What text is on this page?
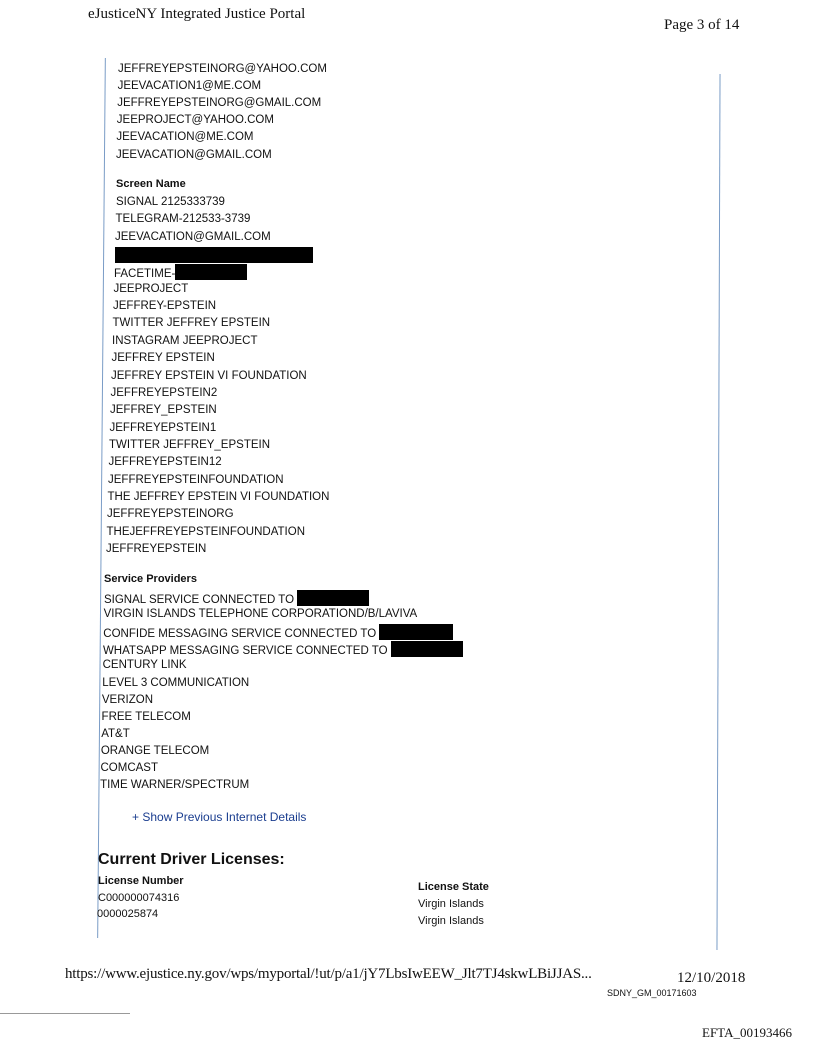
eJusticeNY Integrated Justice Portal
Page 3 of 14
JEFFREYEPSTEINORG@YAHOO.COM
JEEVACATION1@ME.COM
JEFFREYEPSTEINORG@GMAIL.COM
JEEPROJECT@YAHOO.COM
JEEVACATION@ME.COM
JEEVACATION@GMAIL.COM
Screen Name
SIGNAL 2125333739
TELEGRAM-212533-3739
JEEVACATION@GMAIL.COM
FACETIME-
JEEPROJECT
JEFFREY-EPSTEIN
TWITTER JEFFREY EPSTEIN
INSTAGRAM JEEPROJECT
JEFFREY EPSTEIN
JEFFREY EPSTEIN VI FOUNDATION
JEFFREYEPSTEIN2
JEFFREY_EPSTEIN
JEFFREYEPSTEIN1
TWITTER JEFFREY_EPSTEIN
JEFFREYEPSTEIN12
JEFFREYEPSTEINFOUNDATION
THE JEFFREY EPSTEIN VI FOUNDATION
JEFFREYEPSTEINORG
THEJEFFREYEPSTEINFOUNDATION
JEFFREYEPSTEIN
Service Providers
SIGNAL SERVICE CONNECTED TO
VIRGIN ISLANDS TELEPHONE CORPORATIOND/B/LAVIVA
CONFIDE MESSAGING SERVICE CONNECTED TO
WHATSAPP MESSAGING SERVICE CONNECTED TO
CENTURY LINK
LEVEL 3 COMMUNICATION
VERIZON
FREE TELECOM
AT&T
ORANGE TELECOM
COMCAST
TIME WARNER/SPECTRUM
+ Show Previous Internet Details
Current Driver Licenses:
License Number
C000000074316
0000025874
License State
Virgin Islands
Virgin Islands
https://www.ejustice.ny.gov/wps/myportal/!ut/p/a1/jY7LbsIwEEW_Jlt7TJ4skwLBiJJAS...	12/10/2018
SDNY_GM_00171603
EFTA_00193466
